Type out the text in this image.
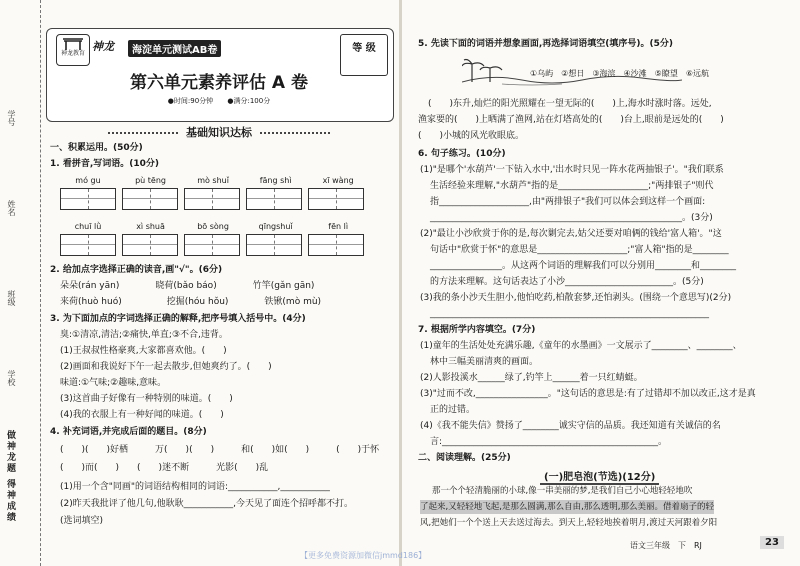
学号
姓名
班级
学校
做神龙题 得神成绩
神龙教育
神龙	海淀单元测试AB卷	等 级
第六单元素养评估 A 卷
●时间:90分钟 ●满分:100分
基础知识达标
一、积累运用。(50分)
1. 看拼音,写词语。(10分)
mó gu	pù tēng	mò shuǐ	fāng shì	xī wàng
chuī lǜ	xì shuā	bō sòng	qīngshuǐ	fēn lì
2. 给加点字选择正确的读音,画"√"。(6分)
朵朵(rán yān)　　　　晓荷(bǎo báo)　　　　竹竿(gǎn gān)
来荷(huò huó)　　　　　挖掘(hóu hǒu)　　　　铁锹(mò mù)
3. 为下面加点的字词选择正确的解释,把序号填入括号中。(4分)
臭:①清凉,清洁;②痛快,单直;③不合,违背。
(1)王叔叔性格豪爽,大家都喜欢他。(　　)
(2)画面和我说好下午一起去散步,但她爽约了。(　　)
味道:①气味;②趣味,意味。
(3)这首曲子好像有一种特别的味道。(　　)
(4)我的衣服上有一种好闻的味道。(　　)
4. 补充词语,并完成后面的题目。(8分)
(　　)(　　)好栖　　　万(　　)(　　)　　　和(　　)如(　　)　　　(　　)于怀
(　　)而(　　)　　(　　)迷不断　　　光影(　　)乱
(1)用一个含"同画"的词语结构相同的词语:___________,___________
(2)昨天我批评了他几句,他耿耿___________,今天见了面连个招呼都不打。
(选词填空)
5. 先读下面的词语并想象画面,再选择词语填空(填序号)。(5分)
①乌屿　②想日　③海滨　④沙滩　⑤瞭望　⑥远航
(　　)东升,灿烂的阳光照耀在一望无际的(　　)上,海水时涨时落。远处,
渔家要的(　　)上晒满了渔网,站在灯塔高处的(　　)台上,眼前是远处的(　　)
(　　)小城的风光收眼底。
6. 句子练习。(10分)
(1)"是哪个'水葫芦'一下钻入水中,'出水时只见一阵水花两抽银子'。"我们联系
生活经验来理解,"水葫芦"指的是____________________;"两排银子"则代
指____________________,由"两排银子"我们可以体会到这样一个画面:
________________________________________________________。(3分)
(2)"最让小沙欣赏于你的是,每次剿完去,姑父还要对咱俩的钱给'富人箱'。"这
句话中"欣赏于怀"的意思是____________________;"富人箱"指的是________
________________。从这两个词语的理解我们可以分别用________和________
的方法来理解。这句话表达了小沙________________________。(5分)
(3)我的条小沙天生胆小,他怕吃药,柏散套梦,还怕剥头。(围绕一个意思写)(2分)
______________________________________________________________
7. 根据所学内容填空。(7分)
(1)童年的生活处处充满乐趣,《童年的水墨画》一文展示了________、________、
林中三幅美丽清爽的画面。
(2)人影投溪水______绿了,钓竿上______着一只红蜻蜓。
(3)"过而不改,________________。"这句话的意思是:有了过错却不加以改正,这才是真
正的过错。
(4)《我不能失信》赞扬了________诚实守信的品质。我还知道有关诚信的名
言:________________________________________________。
二、阅读理解。(25分)
(一)肥皂泡(节选)(12分)
那一个个轻清脆丽的小球,像一串美丽的梦,是我们自己小心地轻轻地吹
了起来,又轻轻地飞起,是那么圆满,那么自由,那么透明,那么美丽。借着扇子的轻
风,把她们一个个送上天去送过海去。到天上,轻轻地挨着明月,渡过天河跟着夕阳
语文三年级　下　RJ	23
【更多免费资源加微信jmmd186】
